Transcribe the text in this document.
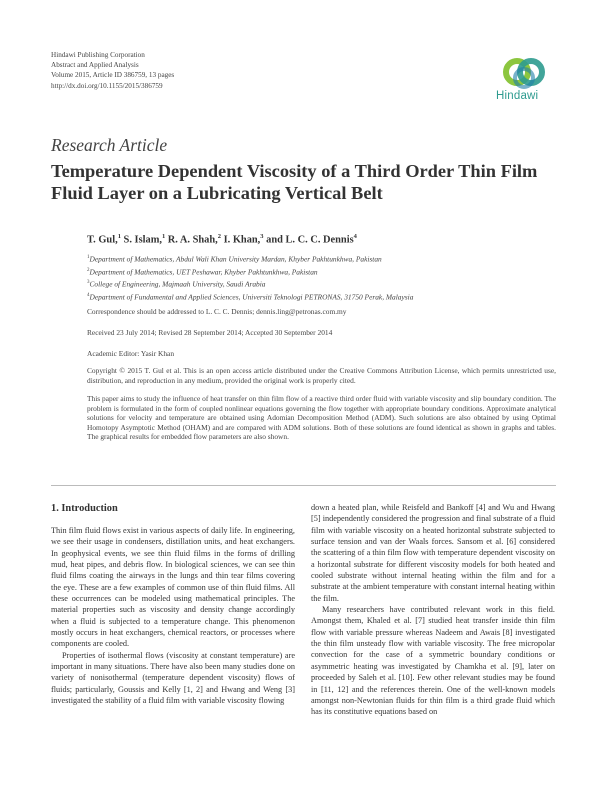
Hindawi Publishing Corporation
Abstract and Applied Analysis
Volume 2015, Article ID 386759, 13 pages
http://dx.doi.org/10.1155/2015/386759
Hindawi
Research Article
Temperature Dependent Viscosity of a Third Order Thin Film Fluid Layer on a Lubricating Vertical Belt
T. Gul,$^1$ S. Islam,$^1$ R. A. Shah,$^2$ I. Khan,$^3$ and L. C. C. Dennis$^4$
$^1$Department of Mathematics, Abdul Wali Khan University Mardan, Khyber Pakhtunkhwa, Pakistan
$^2$Department of Mathematics, UET Peshawar, Khyber Pakhtunkhwa, Pakistan
$^3$College of Engineering, Majmaah University, Saudi Arabia
$^4$Department of Fundamental and Applied Sciences, Universiti Teknologi PETRONAS, 31750 Perak, Malaysia
Correspondence should be addressed to L. C. C. Dennis; dennis.ling@petronas.com.my
Received 23 July 2014; Revised 28 September 2014; Accepted 30 September 2014
Academic Editor: Yasir Khan
Copyright © 2015 T. Gul et al. This is an open access article distributed under the Creative Commons Attribution License, which permits unrestricted use, distribution, and reproduction in any medium, provided the original work is properly cited.
This paper aims to study the influence of heat transfer on thin film flow of a reactive third order fluid with variable viscosity and slip boundary condition. The problem is formulated in the form of coupled nonlinear equations governing the flow together with appropriate boundary conditions. Approximate analytical solutions for velocity and temperature are obtained using Adomian Decomposition Method (ADM). Such solutions are also obtained by using Optimal Homotopy Asymptotic Method (OHAM) and are compared with ADM solutions. Both of these solutions are found identical as shown in graphs and tables. The graphical results for embedded flow parameters are also shown.
1. Introduction

Thin film fluid flows exist in various aspects of daily life. In engineering, we see their usage in condensers, distillation units, and heat exchangers. In geophysical events, we see thin fluid films in the forms of drilling mud, heat pipes, and debris flow. In biological sciences, we can see thin fluid films coating the airways in the lungs and thin tear films covering the eye. These are a few examples of common use of thin fluid films. All these occurrences can be modeled using mathematical principles. The material properties such as viscosity and density change accordingly when a fluid is subjected to a temperature change. This phenomenon mostly occurs in heat exchangers, chemical reactors, or processes where components are cooled.

Properties of isothermal flows (viscosity at constant temperature) are important in many situations. There have also been many studies done on variety of nonisothermal (temperature dependent viscosity) flows of fluids; particularly, Goussis and Kelly [1, 2] and Hwang and Weng [3] investigated the stability of a fluid film with variable viscosity flowing

down a heated plan, while Reisfeld and Bankoff [4] and Wu and Hwang [5] independently considered the progression and final substrate of a fluid film with variable viscosity on a heated horizontal substrate subjected to surface tension and van der Waals forces. Sansom et al. [6] considered the scattering of a thin film flow with temperature dependent viscosity on a horizontal substrate for different viscosity models for both heated and cooled substrate without internal heating within the film and for a substrate at the ambient temperature with constant internal heating within the film.

Many researchers have contributed relevant work in this field. Amongst them, Khaled et al. [7] studied heat transfer inside thin film flow with variable pressure whereas Nadeem and Awais [8] investigated the thin film unsteady flow with variable viscosity. The free micropolar convection for the case of a symmetric boundary conditions or asymmetric heating was investigated by Chamkha et al. [9], later on proceeded by Saleh et al. [10]. Few other relevant studies may be found in [11, 12] and the references therein. One of the well-known models amongst non-Newtonian fluids for thin film is a third grade fluid which has its constitutive equations based on
